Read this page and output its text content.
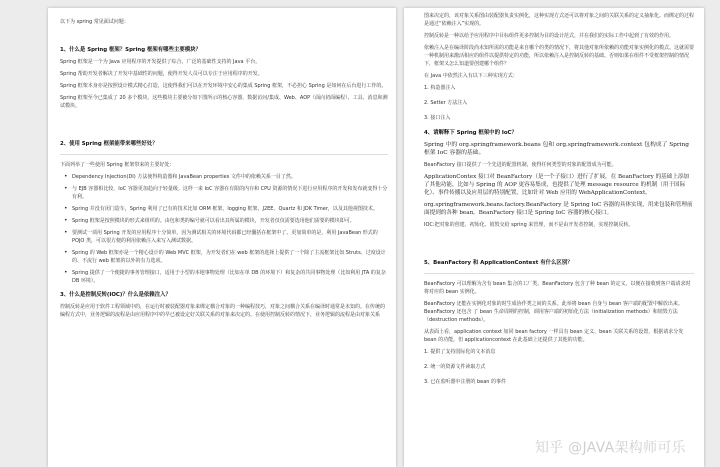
以下为 spring 常见面试问题：

1、什么是 Spring 框架？Spring 框架有哪些主要模块？

Spring 框架是一个为 Java 应用程序的开发提供了综合、广泛的基础性支持的 Java 平台。

Spring 帮助开发者解决了开发中基础性的问题，使得开发人员可以专注于应用程序的开发。

Spring 框架本身亦是按照设计模式精心打造，这使得我们可以在开发环境中安心的集成 Spring 框架，不必担心 Spring 是如何在后台进行工作的。

Spring 框架至今已集成了 20 多个模块。这些模块主要被分如下图所示的核心容器、数据访问/集成、Web、AOP（面向切面编程）、工具、消息和测试模块。

2、使用 Spring 框架能带来哪些好处？

下面列举了一些使用 Spring 框架带来的主要好处：

• Dependency Injection(DI) 方法使得构造器和 JavaBean properties 文件中的依赖关系一目了然。
• 与 EJB 容器相比较，IoC 容器更加趋向于轻量级。这样一来 IoC 容器在有限的内存和 CPU 资源的情况下进行应用程序的开发和发布就变得十分有利。
• Spring 并没有闭门造车，Spring 利用了已有的技术比如 ORM 框架、logging 框架、J2EE、Quartz 和 JDK Timer，以及其他视图技术。
• Spring 框架是按照模块的形式来组织的。由包和类的编号就可以看出其所属的模块，开发者仅仅需要选用他们需要的模块即可。
• 要测试一项用 Spring 开发的应用程序十分简单，因为测试相关的环境代码都已经囊括在框架中了。更加简单的是，利用 JavaBean 形式的 POJO 类，可以很方便的利用依赖注入来写入测试数据。
• Spring 的 Web 框架亦是一个精心设计的 Web MVC 框架，为开发者们在 web 框架的选择上提供了一个除了主流框架比如 Struts、过度设计的、不流行 web 框架的以外的有力选项。
• Spring 提供了一个便捷的事务管理接口，适用于小型的本地事物处理（比如在单 DB 的环境下）和复杂的共同事物处理（比如利用 JTA 的复杂 DB 环境）。
3、什么是控制反转(IOC)？什么是依赖注入？

控制反转是应用于软件工程领域中的，在运行时被装配器对象来绑定耦合对象的一种编程技巧，对象之间耦合关系在编译时通常是未知的。在传统的编程方式中，业务逻辑的流程是由应用程序中的早已被设定好关联关系的对象来决定的。在使用控制反转的情况下，业务逻辑的流程是由对象关系

图来决定的，该对象关系图由装配器负责实例化，这种实现方式还可以将对象之间的关联关系的定义抽象化。而绑定的过程是通过“依赖注入”实现的。

控制反转是一种以给予应用程序中目标组件更多控制为目的设计范式，并在我们的实际工作中起到了有效的作用。

依赖注入是在编译阶段尚未知所需的功能是来自哪个的类的情况下，将其他对象所依赖的功能对象实例化的模式。这就需要一种机制用来激活相应的组件以提供特定的功能，所以依赖注入是控制反转的基础。否则如果在组件不受框架控制的情况下，框架又怎么知道要创建哪个组件？

在 Java 中依然注入有以下三种实现方式：

1. 构造器注入
2. Setter 方法注入
3. 接口注入
4、请解释下 Spring 框架中的 IoC？

Spring 中的 org.springframework.beans 包和 org.springframework.context 包构成了 Spring 框架 IoC 容器的基础。

BeanFactory 接口提供了一个先进的配置机制，使得任何类型的对象的配置成为可能。

ApplicationContex 接口对 BeanFactory（是一个子接口）进行了扩展，在 BeanFactory 的基础上添加了其他功能，比如与 Spring 的 AOP 更容易集成，也提供了处理 message resource 的机制（用于国际化）、事件传播以及应用层的特别配置，比如针对 Web 应用的 WebApplicationContext。

org.springframework.beans.factory.BeanFactory 是 Spring IoC 容器的具体实现，用来包装和管理前面提到的各种 bean。BeanFactory 接口是 Spring IoC 容器的核心接口。

IOC:把对象的创建、初始化、销毁交给 spring 来管理，而不是由开发者控制，实现控制反转。

5、BeanFactory 和 ApplicationContext 有什么区别？

BeanFactory 可以理解为含有 bean 集合的工厂类。BeanFactory 包含了种 bean 的定义，以便在接收到客户端请求时将对应的 bean 实例化。

BeanFactory 还能在实例化对象的时生成协作类之间的关系。此举将 bean 自身与 bean 客户端的配置中解放出来。BeanFactory 还包含 了 bean 生命周期的控制，调用客户端的初始化方法（initialization methods）和销毁方法（destruction methods）。

从表面上看，application context 如同 bean factory 一样具有 bean 定义、bean 关联关系的设置，根据请求分发 bean 的功能。但 applicationcontext 在此基础上还提供了其他的功能。

1. 提供了支持国际化的文本消息
2. 统一的资源文件读取方式
3. 已在监听器中注册的 bean 的事件
知乎 @JAVA架构师可乐
